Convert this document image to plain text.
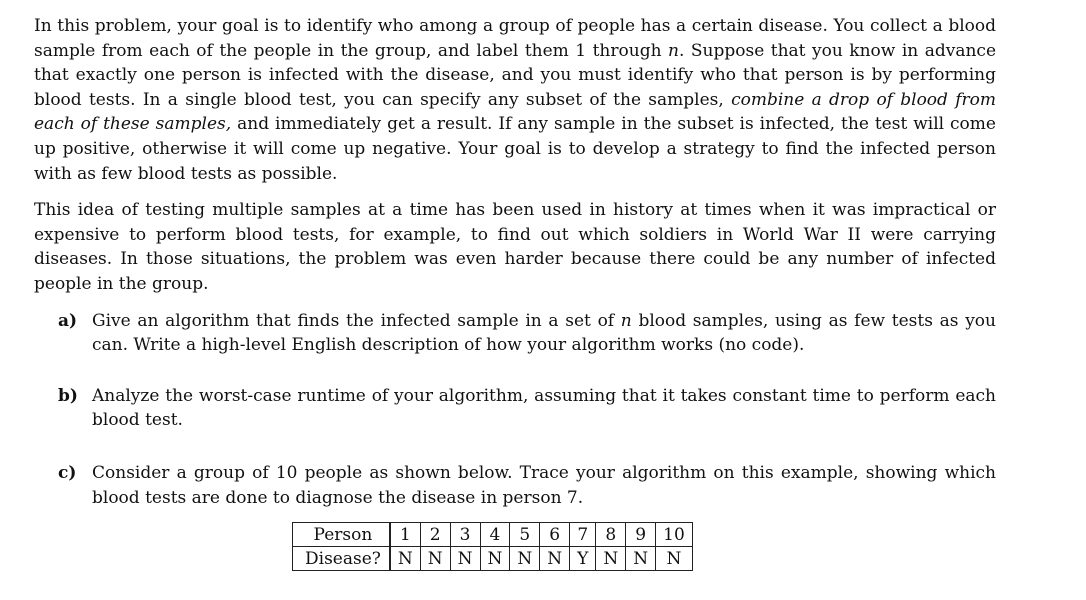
In this problem, your goal is to identify who among a group of people has a certain disease. You collect a blood sample from each of the people in the group, and label them 1 through n. Suppose that you know in advance that exactly one person is infected with the disease, and you must identify who that person is by performing blood tests. In a single blood test, you can specify any subset of the samples, combine a drop of blood from each of these samples, and immediately get a result. If any sample in the subset is infected, the test will come up positive, otherwise it will come up negative. Your goal is to develop a strategy to find the infected person with as few blood tests as possible.

This idea of testing multiple samples at a time has been used in history at times when it was impractical or expensive to perform blood tests, for example, to find out which soldiers in World War II were carrying diseases. In those situations, the problem was even harder because there could be any number of infected people in the group.

a) Give an algorithm that finds the infected sample in a set of n blood samples, using as few tests as you can. Write a high-level English description of how your algorithm works (no code).
b) Analyze the worst-case runtime of your algorithm, assuming that it takes constant time to perform each blood test.
c) Consider a group of 10 people as shown below. Trace your algorithm on this example, showing which blood tests are done to diagnose the disease in person 7.
Person	1	2	3	4	5	6	7	8	9	10
Disease?	N	N	N	N	N	N	Y	N	N	N
